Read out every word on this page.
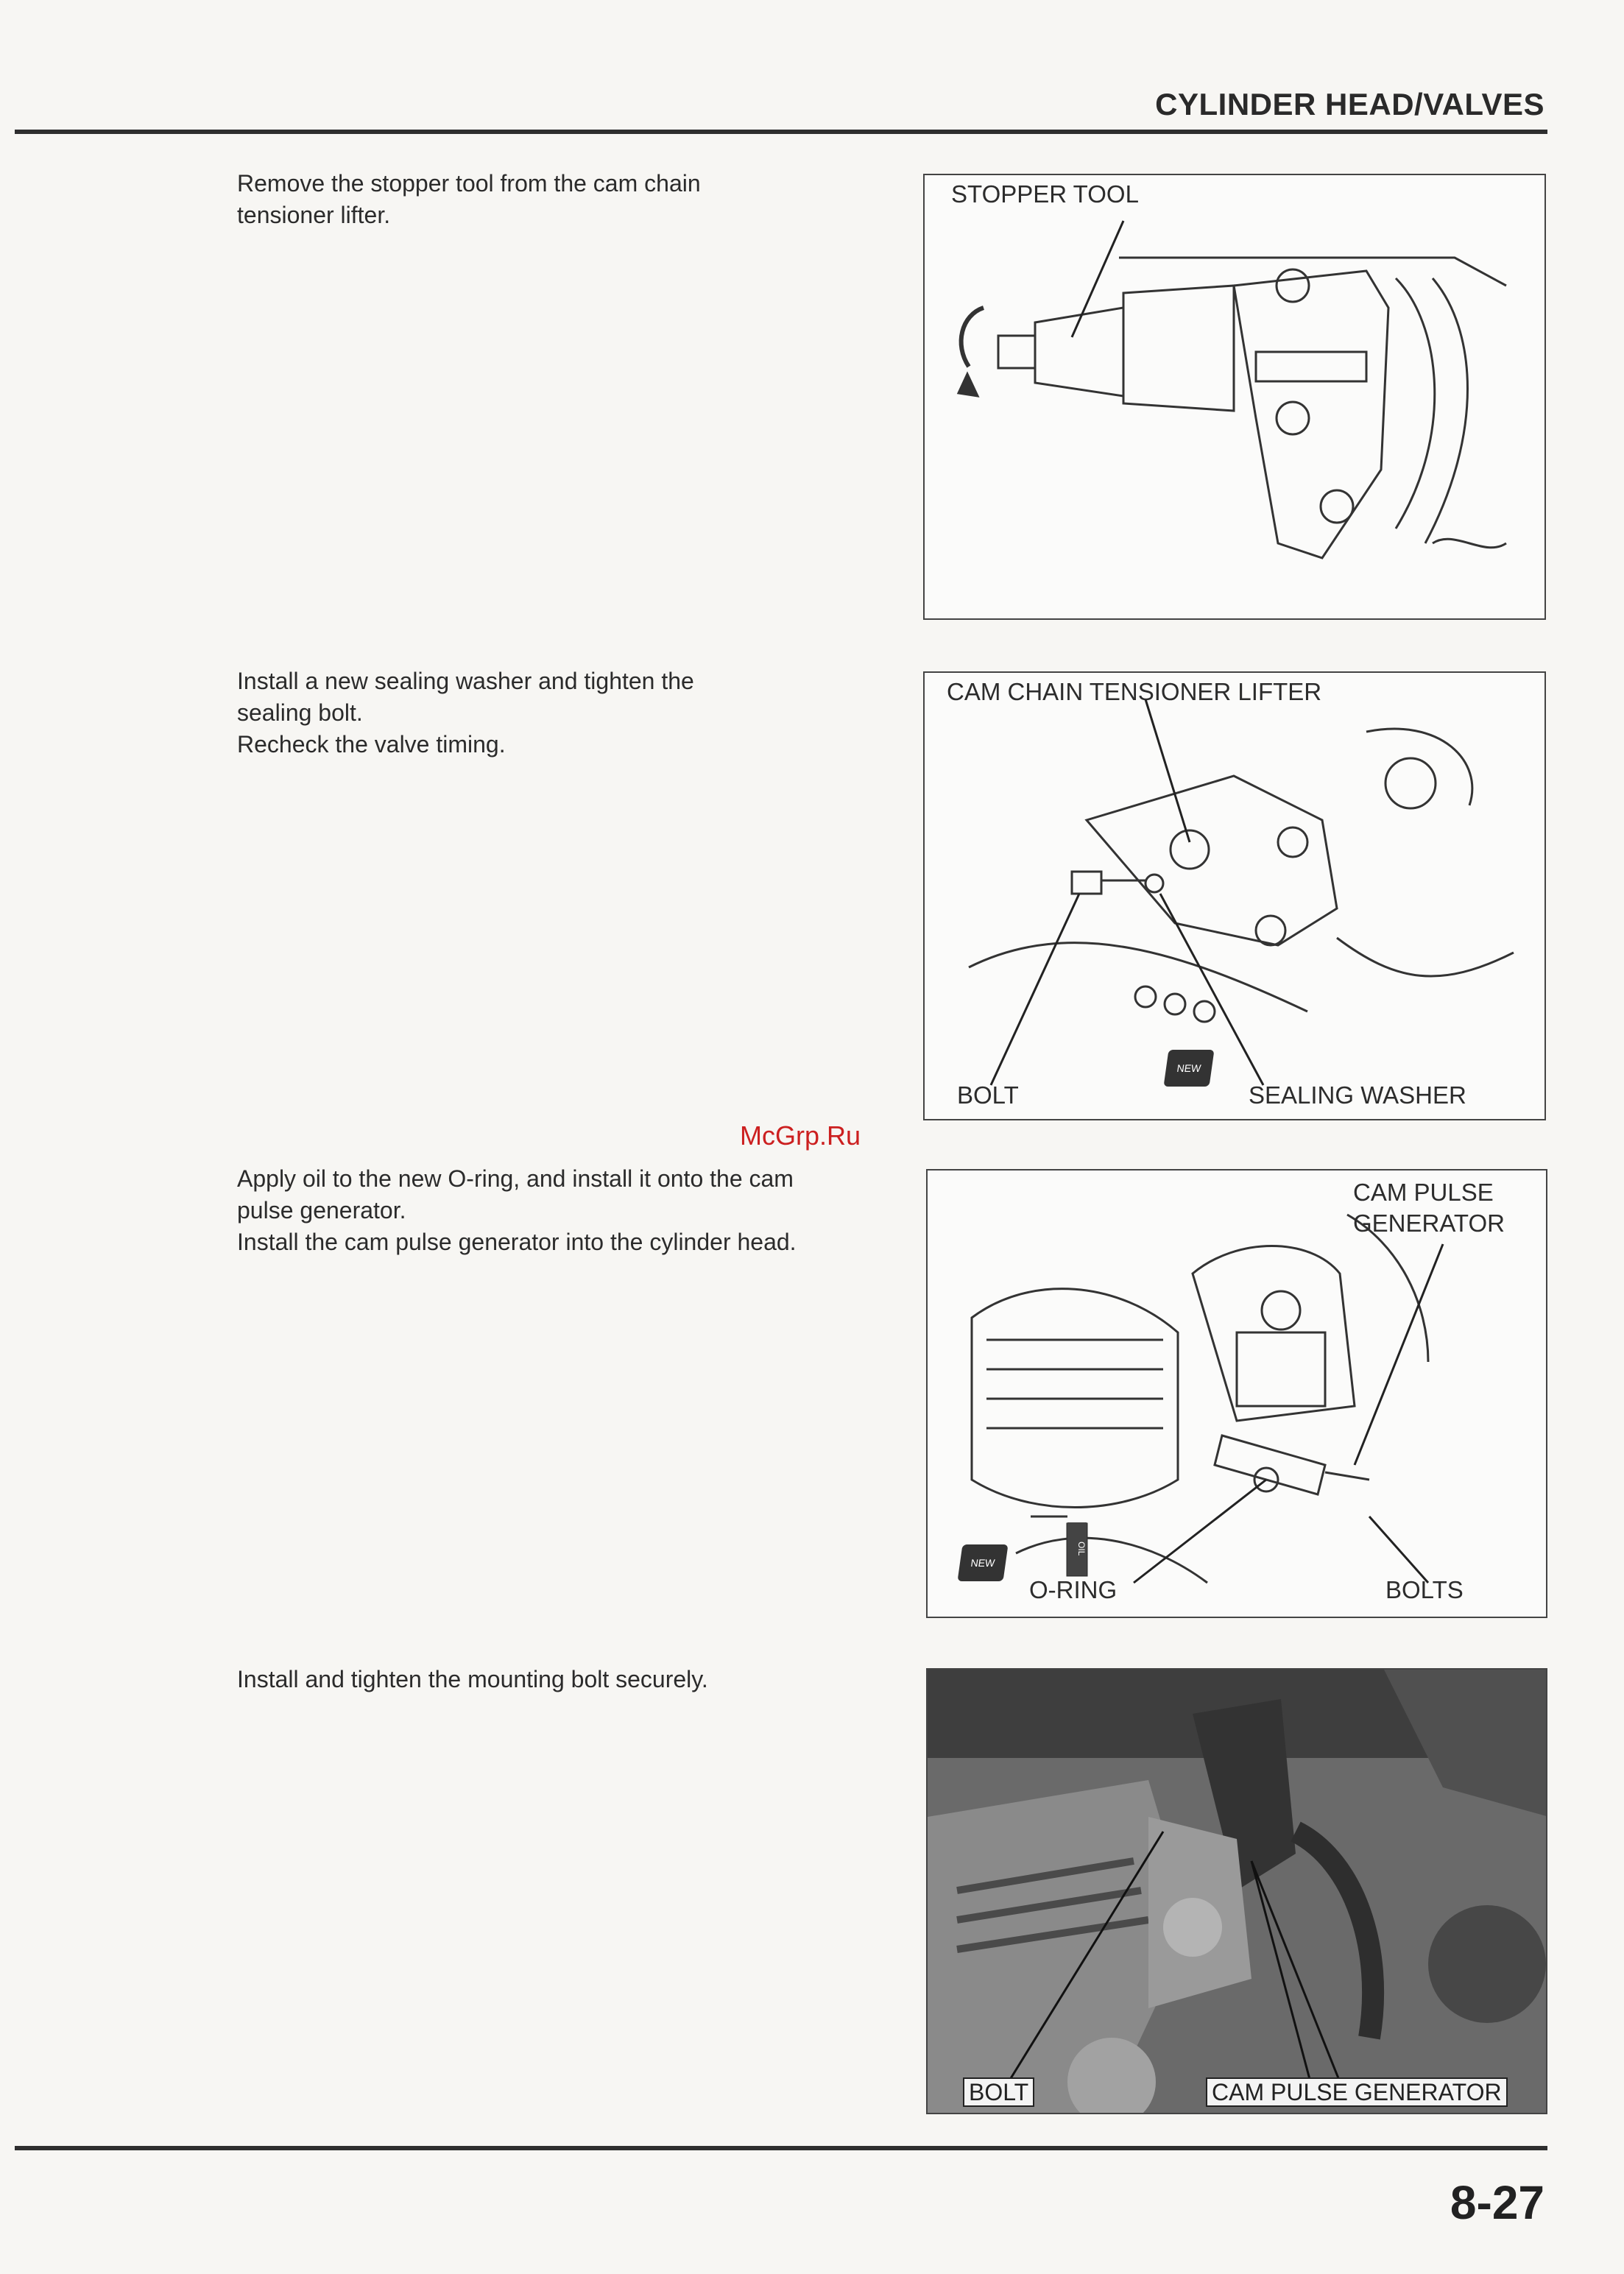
CYLINDER HEAD/VALVES
Remove the stopper tool from the cam chain
tensioner lifter.
STOPPER TOOL
Install a new sealing washer and tighten the
sealing bolt.
Recheck the valve timing.
CAM CHAIN TENSIONER LIFTER
BOLT	SEALING WASHER
NEW
McGrp.Ru
Apply oil to the new O-ring, and install it onto the cam
pulse generator.
Install the cam pulse generator into the cylinder head.
CAM PULSE
GENERATOR
O-RING	BOLTS
NEW
OIL
Install and tighten the mounting bolt securely.
BOLT	CAM PULSE GENERATOR
8-27
